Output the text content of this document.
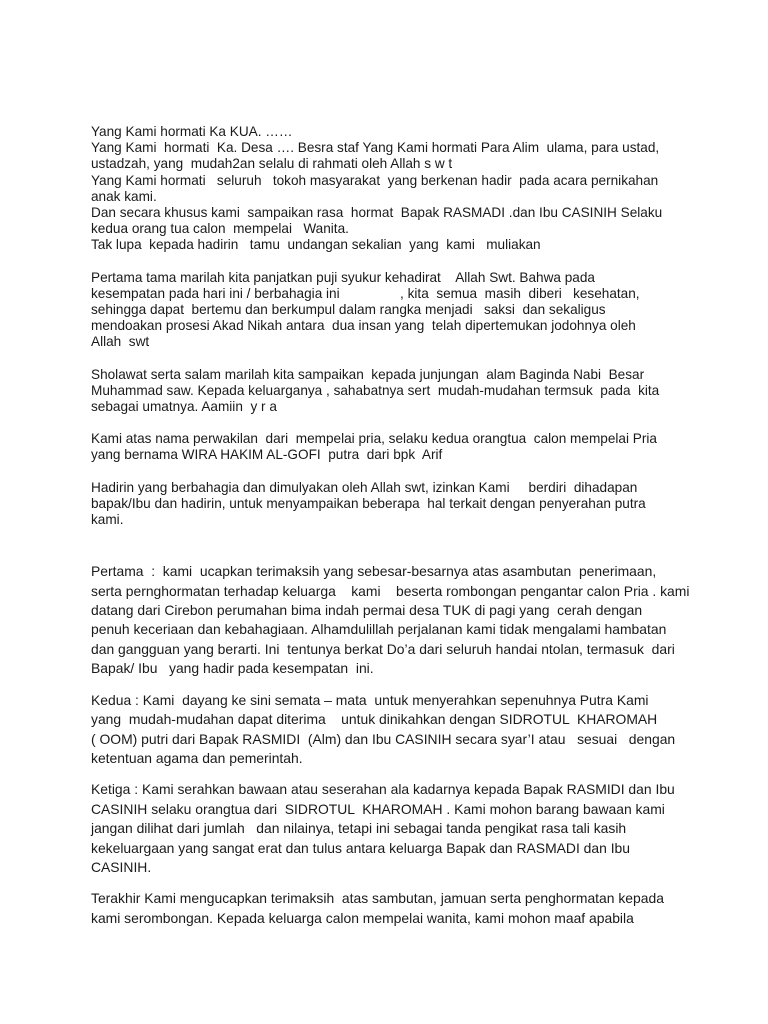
Yang Kami hormati Ka KUA. ……
Yang Kami  hormati  Ka. Desa …. Besra staf Yang Kami hormati Para Alim  ulama, para ustad,
ustadzah, yang  mudah2an selalu di rahmati oleh Allah s w t
Yang Kami hormati   seluruh   tokoh masyarakat  yang berkenan hadir  pada acara pernikahan
anak kami.
Dan secara khusus kami  sampaikan rasa  hormat  Bapak RASMADI .dan Ibu CASINIH Selaku
kedua orang tua calon  mempelai   Wanita.
Tak lupa  kepada hadirin   tamu  undangan sekalian  yang  kami   muliakan
Pertama tama marilah kita panjatkan puji syukur kehadirat    Allah Swt. Bahwa pada
kesempatan pada hari ini / berbahagia ini                , kita  semua  masih  diberi   kesehatan,
sehingga dapat  bertemu dan berkumpul dalam rangka menjadi   saksi  dan sekaligus
mendoakan prosesi Akad Nikah antara  dua insan yang  telah dipertemukan jodohnya oleh
Allah  swt
Sholawat serta salam marilah kita sampaikan  kepada junjungan  alam Baginda Nabi  Besar
Muhammad saw. Kepada keluarganya , sahabatnya sert  mudah-mudahan termsuk  pada  kita
sebagai umatnya. Aamiin  y r a
Kami atas nama perwakilan  dari  mempelai pria, selaku kedua orangtua  calon mempelai Pria
yang bernama WIRA HAKIM AL-GOFI  putra  dari bpk  Arif
Hadirin yang berbahagia dan dimulyakan oleh Allah swt, izinkan Kami     berdiri  dihadapan
bapak/Ibu dan hadirin, untuk menyampaikan beberapa  hal terkait dengan penyerahan putra
kami.
Pertama  :  kami  ucapkan terimaksih yang sebesar-besarnya atas asambutan  penerimaan,
serta pernghormatan terhadap keluarga    kami    beserta rombongan pengantar calon Pria . kami
datang dari Cirebon perumahan bima indah permai desa TUK di pagi yang  cerah dengan
penuh keceriaan dan kebahagiaan. Alhamdulillah perjalanan kami tidak mengalami hambatan
dan gangguan yang berarti. Ini  tentunya berkat Do’a dari seluruh handai ntolan, termasuk  dari
Bapak/ Ibu   yang hadir pada kesempatan  ini.
Kedua : Kami  dayang ke sini semata – mata  untuk menyerahkan sepenuhnya Putra Kami
yang  mudah-mudahan dapat diterima    untuk dinikahkan dengan SIDROTUL  KHAROMAH
( OOM) putri dari Bapak RASMIDI  (Alm) dan Ibu CASINIH secara syar’I atau   sesuai   dengan
ketentuan agama dan pemerintah.
Ketiga : Kami serahkan bawaan atau seserahan ala kadarnya kepada Bapak RASMIDI dan Ibu
CASINIH selaku orangtua dari  SIDROTUL  KHAROMAH . Kami mohon barang bawaan kami
jangan dilihat dari jumlah   dan nilainya, tetapi ini sebagai tanda pengikat rasa tali kasih
kekeluargaan yang sangat erat dan tulus antara keluarga Bapak dan RASMADI dan Ibu
CASINIH.
Terakhir Kami mengucapkan terimaksih  atas sambutan, jamuan serta penghormatan kepada
kami serombongan. Kepada keluarga calon mempelai wanita, kami mohon maaf apabila
